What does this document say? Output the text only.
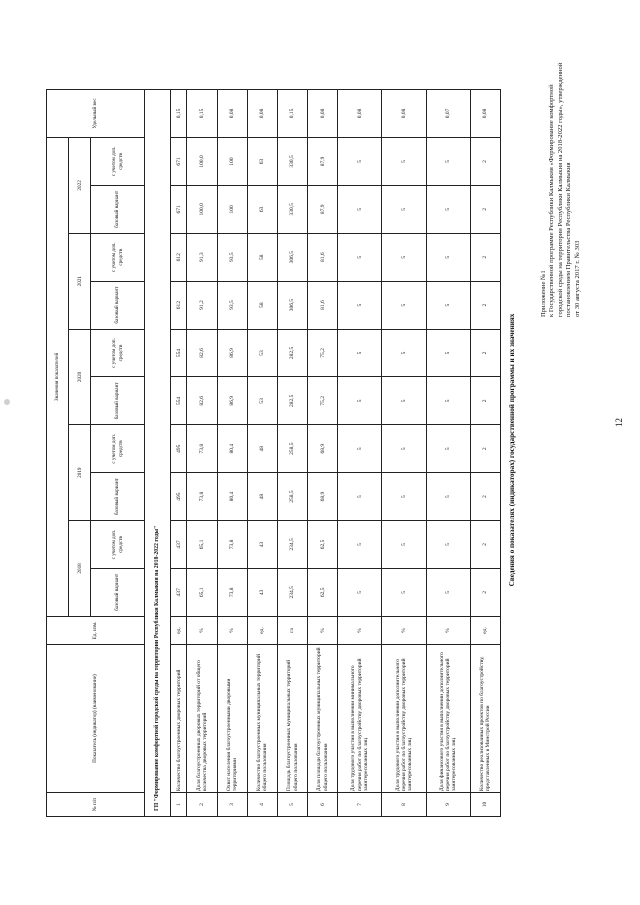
12
Приложение №1 к Государственной программе Республики Калмыкия «Формирование комфортной городской среды на территории Республики Калмыкия на 2018-2022 годы», утвержденной постановлением Правительства Республики Калмыкия от 30 августа 2017 г. № 303
Сведения о показателях (индикаторах) государственной программы и их значениях
№ п/п	Показатель (индикатор) (наименование)	Ед. изм.	Значения показателей										Удельный вес
			2018		2019		2020		2021		2022		
			базовый вариант	с учетом доп. средств	базовый вариант	с учетом доп. средств	базовый вариант	с учетом доп. средств	базовый вариант	с учетом доп. средств	базовый вариант	с учетом доп. средств	
ГП "Формирование комфортной городской среды на территории Республики Калмыкия на 2018-2022 годы"													
1	Количество благоустроенных дворовых территорий	ед.	437	437	495	495	554	554	612	612	671	671	0,15
2	Доля благоустроенных дворовых территорий от общего количества дворовых территорий	%	65,1	65,1	73,8	73,8	82,6	82,6	91,2	91,3	100,0	100,0	0,15
3	Охват населения благоустроенными дворовыми территориями	%	73,8	73,8	80,4	80,4	86,9	86,9	93,5	93,5	100	100	0,08
4	Количество благоустроенных муниципальных территорий общего пользования	ед.	43	43	48	48	53	53	58	58	63	63	0,08
5	Площадь благоустроенных муниципальных территорий общего пользования	га	234,5	234,5	258,5	258,5	282,5	282,5	306,5	306,5	330,5	330,5	0,15
6	Доля площади благоустроенных муниципальных территорий общего пользования	%	62,5	62,5	68,9	68,9	75,2	75,2	81,6	81,6	87,9	87,9	0,08
7	Доля трудового участия в выполнении минимального перечня работ по благоустройству дворовых территорий заинтересованных лиц	%	5	5	5	5	5	5	5	5	5	5	0,08
8	Доля трудового участия в выполнении дополнительного перечня работ по благоустройству дворовых территорий заинтересованных лиц	%	5	5	5	5	5	5	5	5	5	5	0,08
9	Доля финансового участия в выполнении дополнительного перечня работ по благоустройству дворовых территорий заинтересованных лиц	%	5	5	5	5	5	5	5	5	5	5	0,07
10	Количество реализованных проектов по благоустройству, представленных в Минстрой России	ед.	2	2	2	2	2	2	2	2	2	2	0,08
